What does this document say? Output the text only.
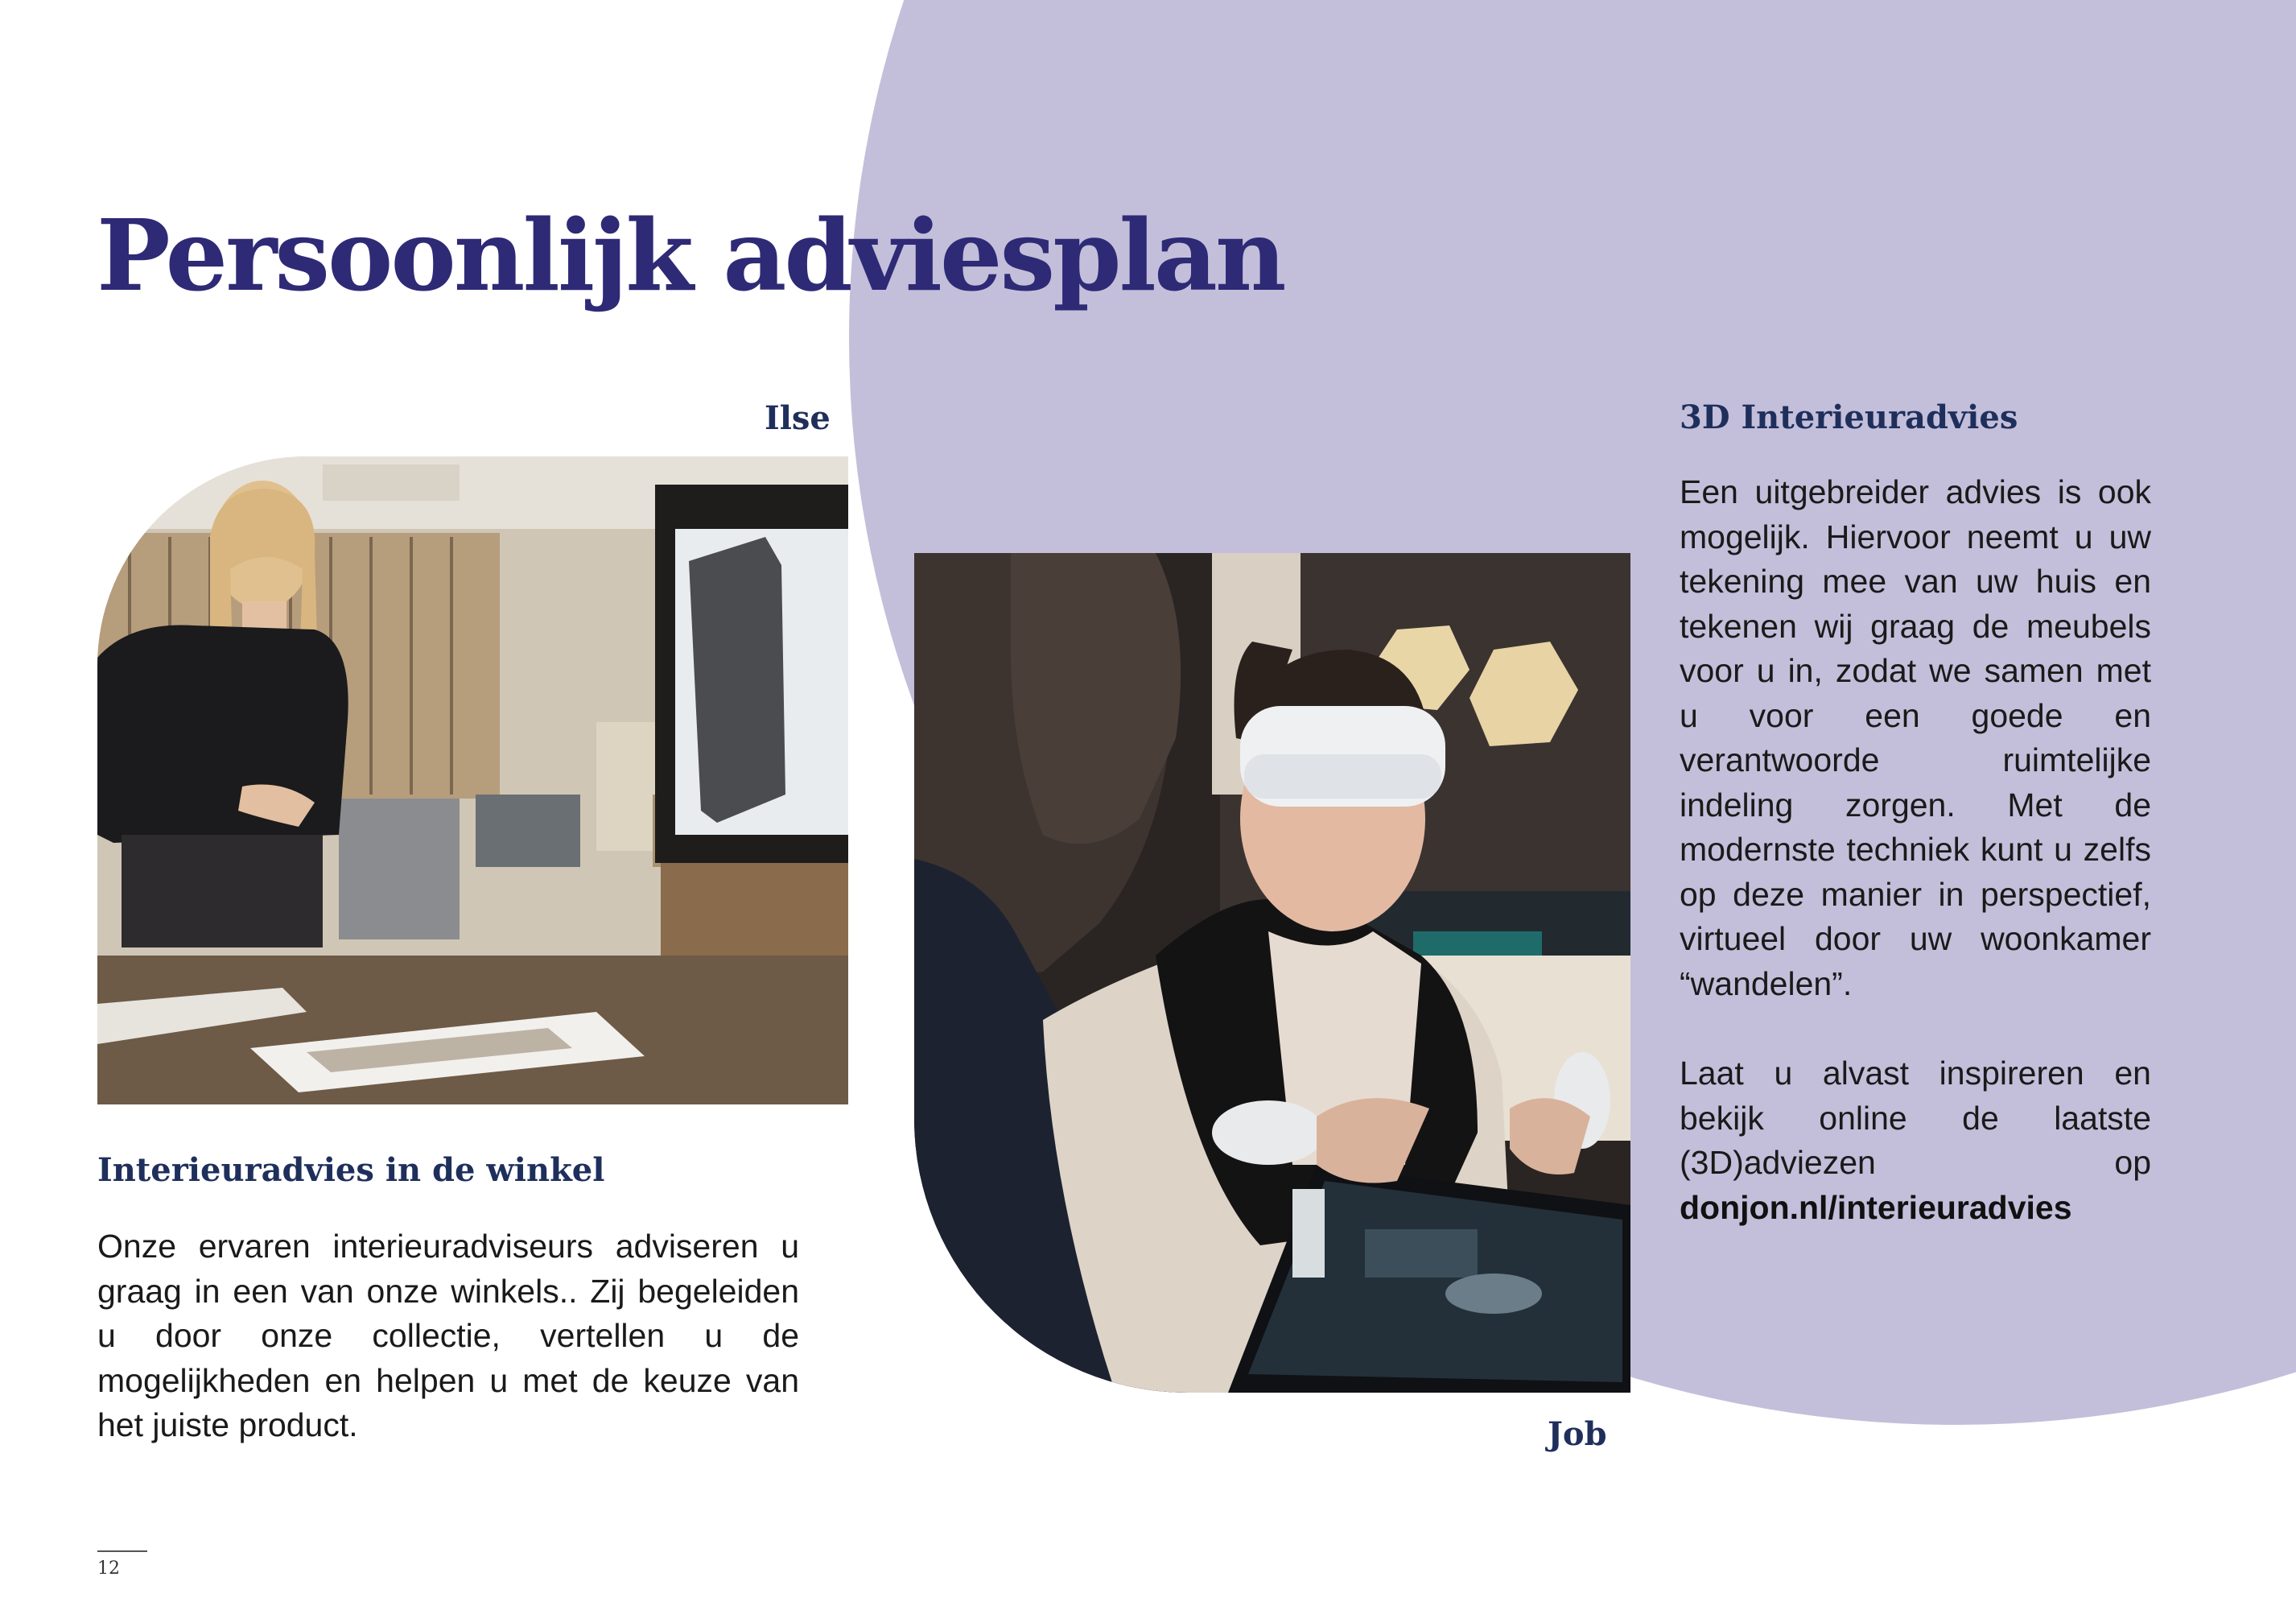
Persoonlijk adviesplan
Ilse
Job
Interieuradvies in de winkel

Onze ervaren interieuradviseurs adviseren u graag in een van onze winkels.. Zij begeleiden u door onze collectie, vertellen u de mogelijkheden en helpen u met de keuze van het juiste product.

3D Interieuradvies

Een uitgebreider advies is ook mogelijk. Hiervoor neemt u uw tekening mee van uw huis en tekenen wij graag de meubels voor u in, zodat we samen met u voor een goede en verantwoorde ruimtelijke indeling zorgen. Met de modernste techniek kunt u zelfs op deze manier in perspectief, virtueel door uw woonkamer “wandelen”.

Laat u alvast inspireren en bekijk online de laatste (3D)adviezen op donjon.nl/interieuradvies

12
